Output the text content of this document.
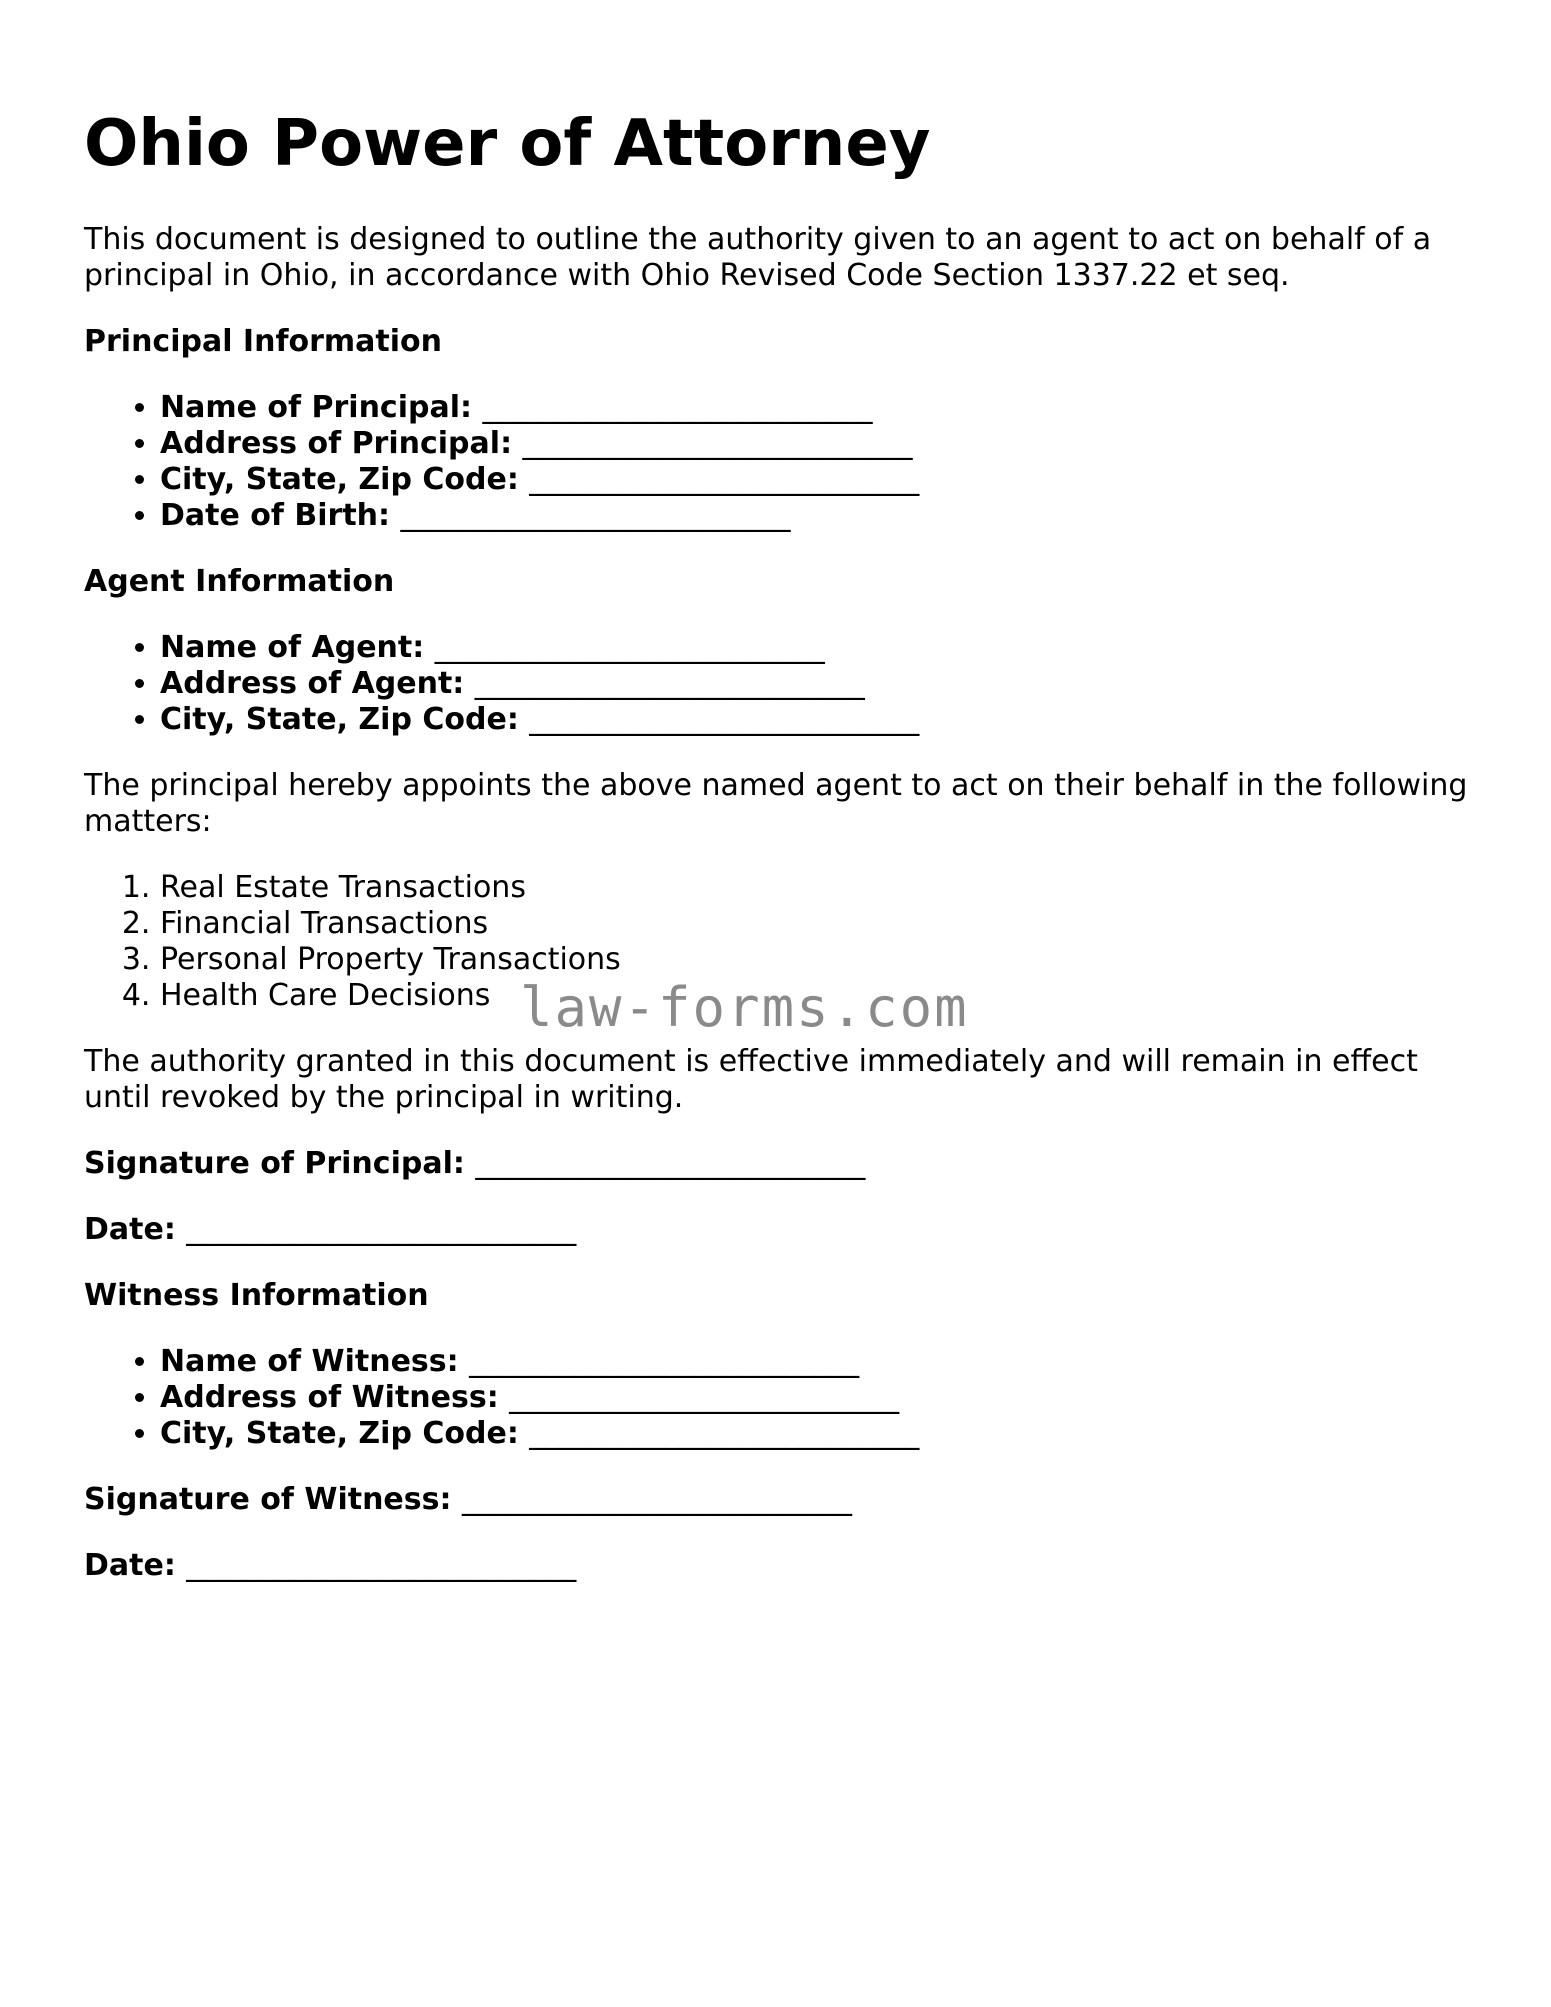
Ohio Power of Attorney

This document is designed to outline the authority given to an agent to act on behalf of a principal in Ohio, in accordance with Ohio Revised Code Section 1337.22 et seq.

Principal Information
• Name of Principal: __________________________
• Address of Principal: __________________________
• City, State, Zip Code: __________________________
• Date of Birth: __________________________
Agent Information
• Name of Agent: __________________________
• Address of Agent: __________________________
• City, State, Zip Code: __________________________

The principal hereby appoints the above named agent to act on their behalf in the following matters:

1. Real Estate Transactions
2. Financial Transactions
3. Personal Property Transactions
4. Health Care Decisions

The authority granted in this document is effective immediately and will remain in effect until revoked by the principal in writing.

Signature of Principal: __________________________

Date: __________________________

Witness Information
• Name of Witness: __________________________
• Address of Witness: __________________________
• City, State, Zip Code: __________________________

Signature of Witness: __________________________

Date: __________________________

law-forms.com
